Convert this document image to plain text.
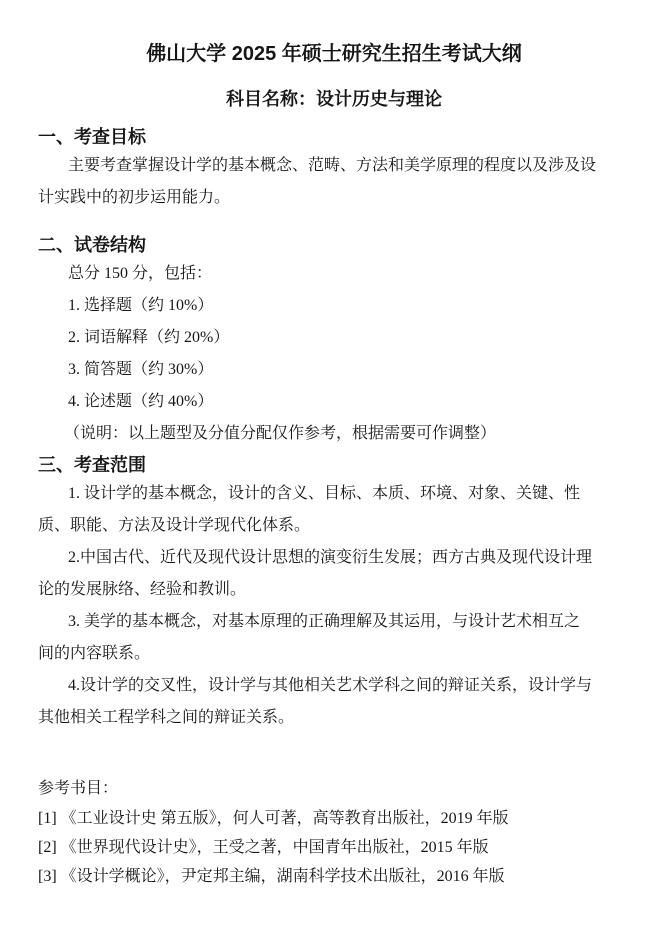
佛山大学 2025 年硕士研究生招生考试大纲
科目名称：设计历史与理论
一、考查目标
主要考查掌握设计学的基本概念、范畴、方法和美学原理的程度以及涉及设
计实践中的初步运用能力。
二、试卷结构
总分 150 分，包括：
1. 选择题（约 10%）
2. 词语解释（约 20%）
3. 简答题（约 30%）
4. 论述题（约 40%）
（说明：以上题型及分值分配仅作参考，根据需要可作调整）
三、考查范围
1. 设计学的基本概念，设计的含义、目标、本质、环境、对象、关键、性
质、职能、方法及设计学现代化体系。
2.中国古代、近代及现代设计思想的演变衍生发展；西方古典及现代设计理
论的发展脉络、经验和教训。
3. 美学的基本概念，对基本原理的正确理解及其运用，与设计艺术相互之
间的内容联系。
4.设计学的交叉性，设计学与其他相关艺术学科之间的辩证关系，设计学与
其他相关工程学科之间的辩证关系。
参考书目：
[1] 《工业设计史 第五版》，何人可著，高等教育出版社，2019 年版
[2] 《世界现代设计史》，王受之著，中国青年出版社，2015 年版
[3] 《设计学概论》，尹定邦主编，湖南科学技术出版社，2016 年版
